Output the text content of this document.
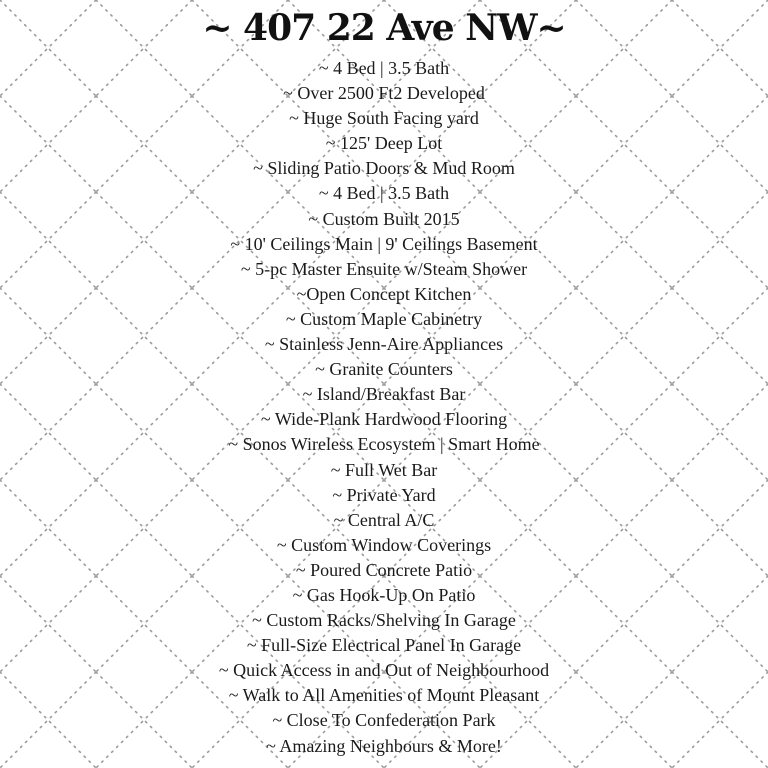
~ 407 22 Ave NW~
~ 4 Bed | 3.5 Bath
~ Over 2500 Ft2 Developed
~ Huge South Facing yard
~ 125' Deep Lot
~ Sliding Patio Doors & Mud Room
~ 4 Bed | 3.5 Bath
~ Custom Built 2015
~ 10' Ceilings Main | 9' Ceilings Basement
~ 5-pc Master Ensuite w/Steam Shower
~Open Concept Kitchen
~ Custom Maple Cabinetry
~ Stainless Jenn-Aire Appliances
~ Granite Counters
~ Island/Breakfast Bar
~ Wide-Plank Hardwood Flooring
~ Sonos Wireless Ecosystem | Smart Home
~ Full Wet Bar
~ Private Yard
~ Central A/C
~ Custom Window Coverings
~ Poured Concrete Patio
~ Gas Hook-Up On Patio
~ Custom Racks/Shelving In Garage
~ Full-Size Electrical Panel In Garage
~ Quick Access in and Out of Neighbourhood
~ Walk to All Amenities of Mount Pleasant
~ Close To Confederation Park
~ Amazing Neighbours & More!
